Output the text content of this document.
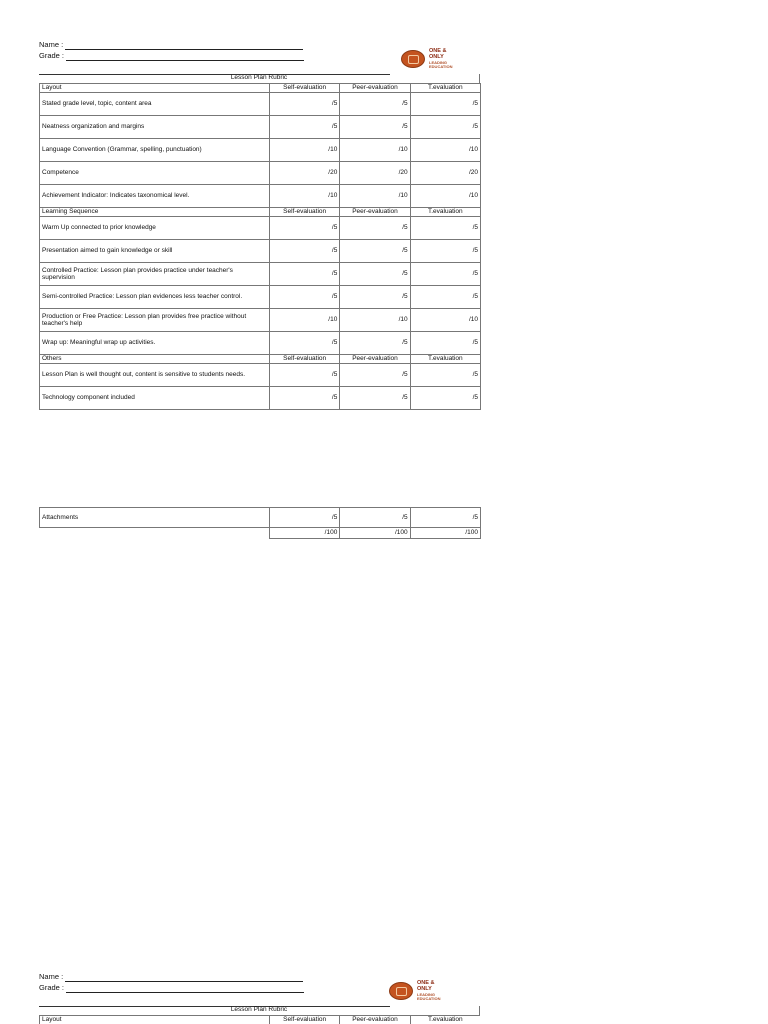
Name :
Grade :	ONE &
ONLY
LEADING
EDUCATION
Lesson Plan Rubric
Layout	Self-evaluation	Peer-evaluation	T.evaluation
Stated grade level, topic, content area	/5	/5	/5
Neatness organization and margins	/5	/5	/5
Language Convention (Grammar, spelling, punctuation)	/10	/10	/10
Competence	/20	/20	/20
Achievement Indicator: Indicates taxonomical level.	/10	/10	/10
Learning Sequence	Self-evaluation	Peer-evaluation	T.evaluation
Warm Up connected to prior knowledge	/5	/5	/5
Presentation aimed to gain knowledge or skill	/5	/5	/5
Controlled Practice: Lesson plan provides practice under teacher's supervision	/5	/5	/5
Semi-controlled Practice: Lesson plan evidences less teacher control.	/5	/5	/5
Production or Free Practice: Lesson plan provides free practice without teacher's help	/10	/10	/10
Wrap up: Meaningful wrap up activities.	/5	/5	/5
Others	Self-evaluation	Peer-evaluation	T.evaluation
Lesson Plan is well thought out, content is sensitive to students needs.	/5	/5	/5
Technology component included	/5	/5	/5
Attachments	/5	/5	/5
	/100	/100	/100
Name :
Grade :	ONE &
ONLY
LEADING
EDUCATION
Lesson Plan Rubric
Layout	Self-evaluation	Peer-evaluation	T.evaluation
